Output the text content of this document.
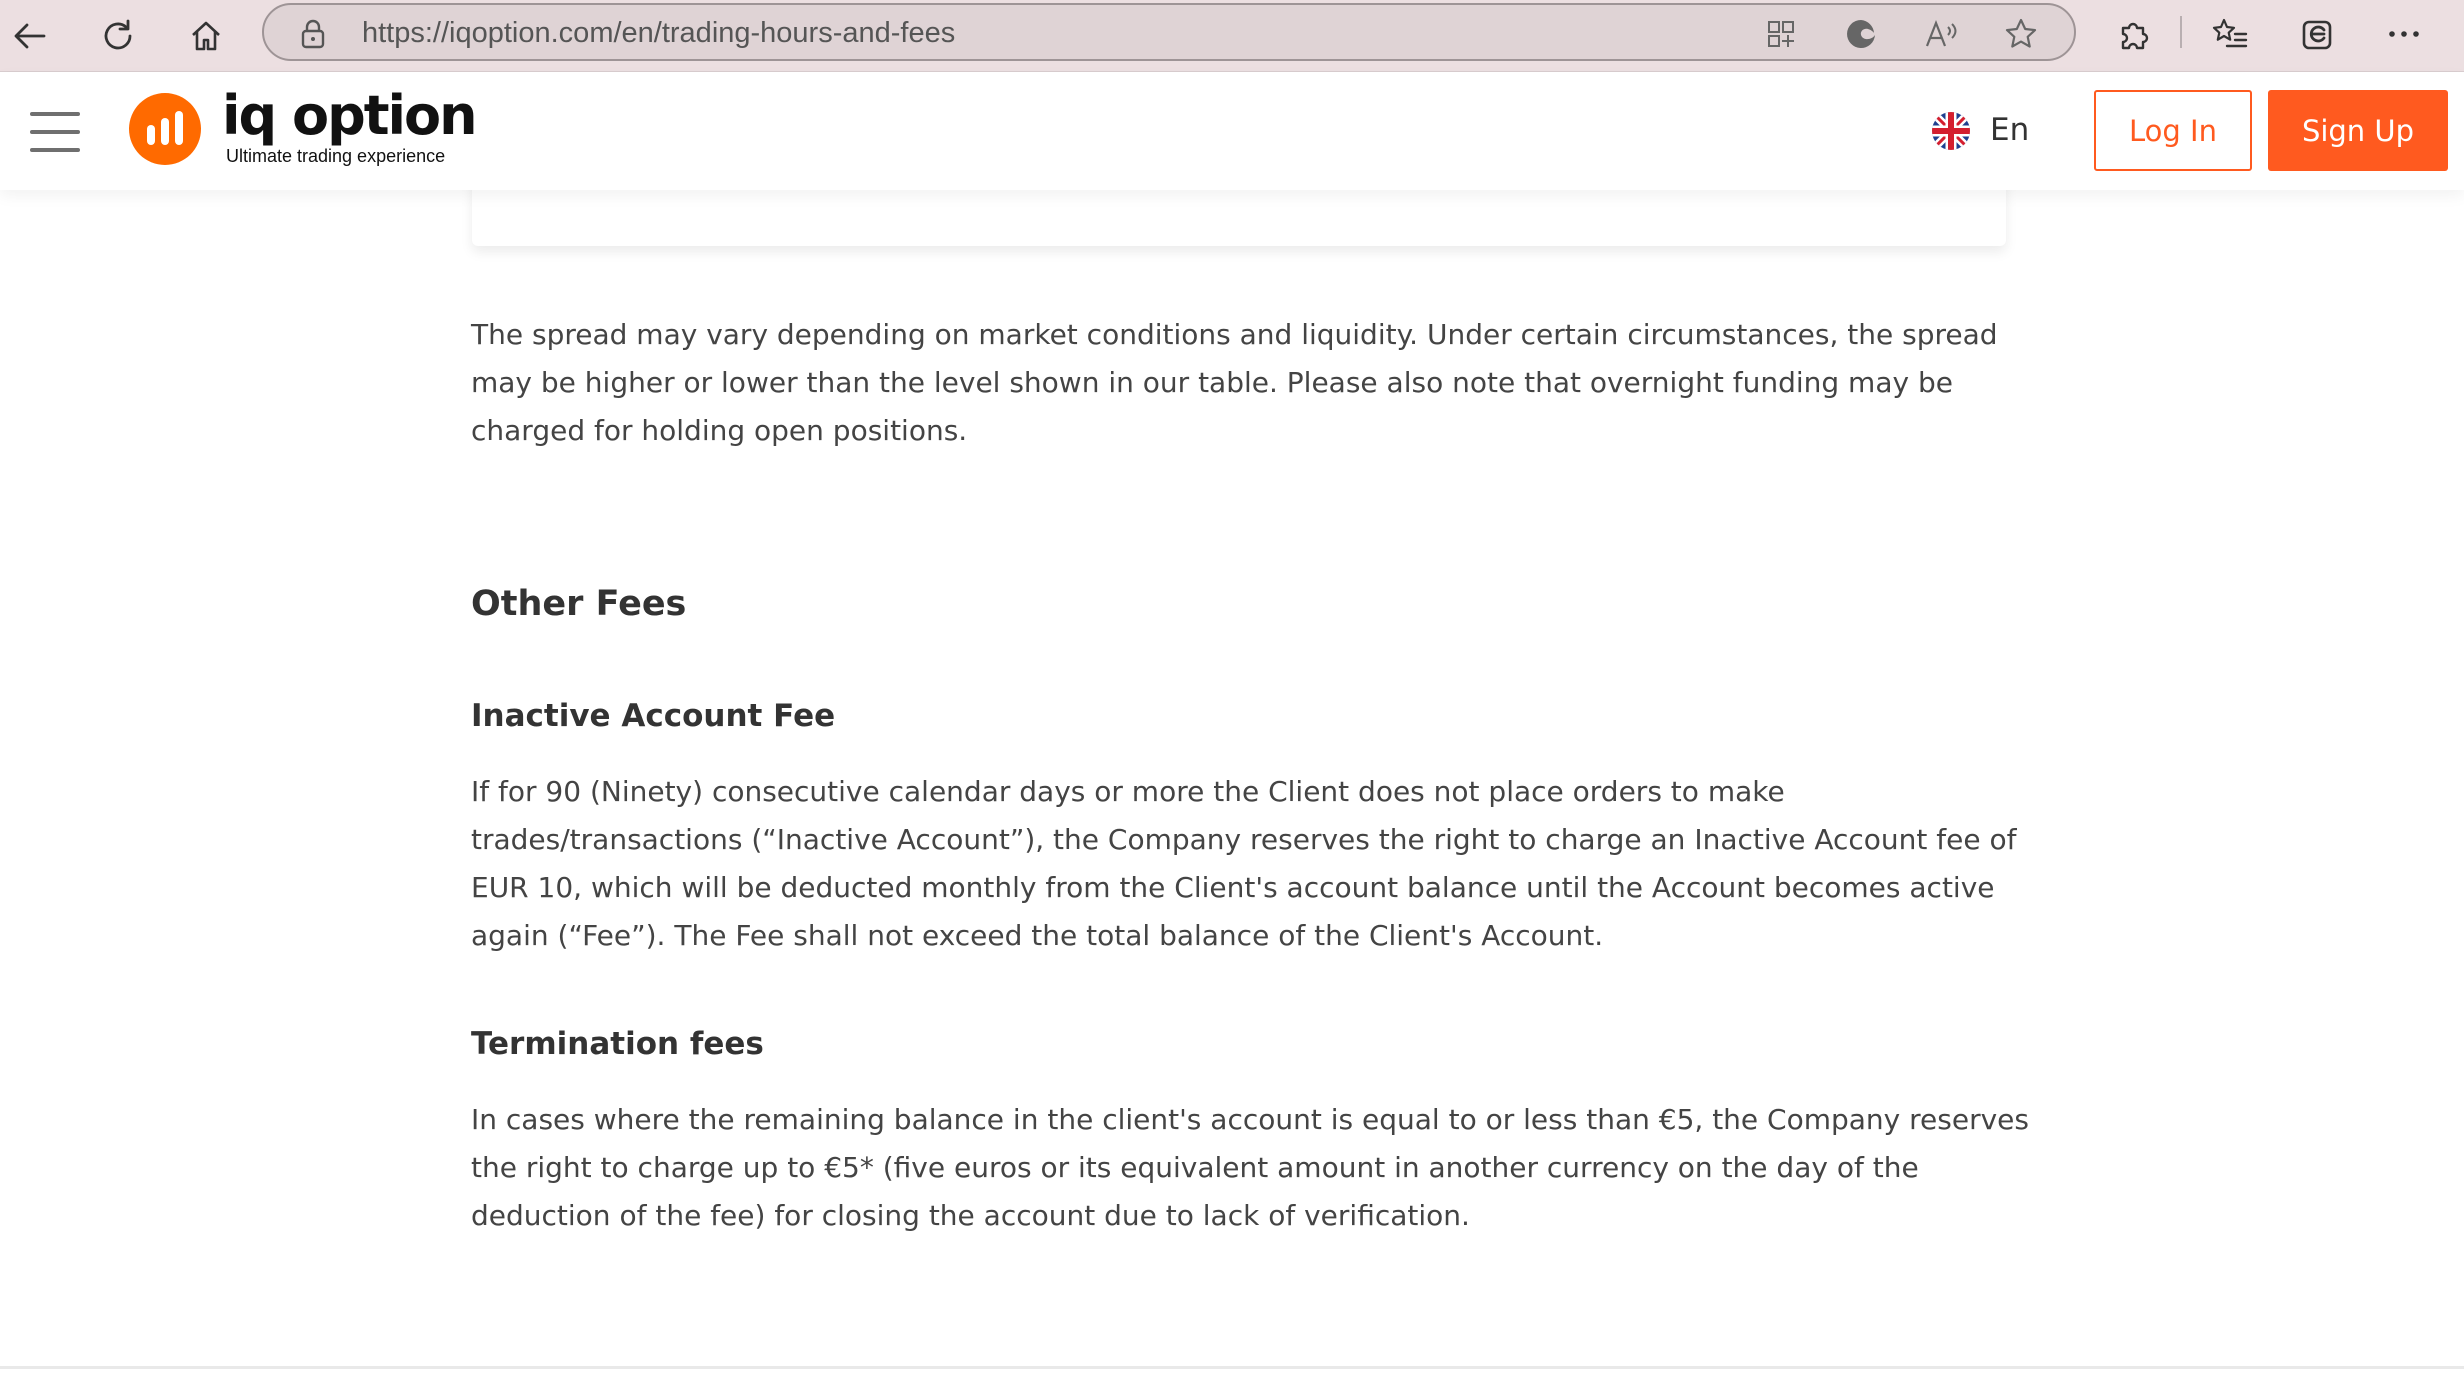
https://iqoption.com/en/trading-hours-and-fees
iq option
Ultimate trading experience
En	Log In	Sign Up

The spread may vary depending on market conditions and liquidity. Under certain circumstances, the spread may be higher or lower than the level shown in our table. Please also note that overnight funding may be charged for holding open positions.

Other Fees
Inactive Account Fee

If for 90 (Ninety) consecutive calendar days or more the Client does not place orders to make trades/transactions (“Inactive Account”), the Company reserves the right to charge an Inactive Account fee of EUR 10, which will be deducted monthly from the Client's account balance until the Account becomes active again (“Fee”). The Fee shall not exceed the total balance of the Client's Account.

Termination fees

In cases where the remaining balance in the client's account is equal to or less than €5, the Company reserves the right to charge up to €5* (five euros or its equivalent amount in another currency on the day of the deduction of the fee) for closing the account due to lack of verification.
